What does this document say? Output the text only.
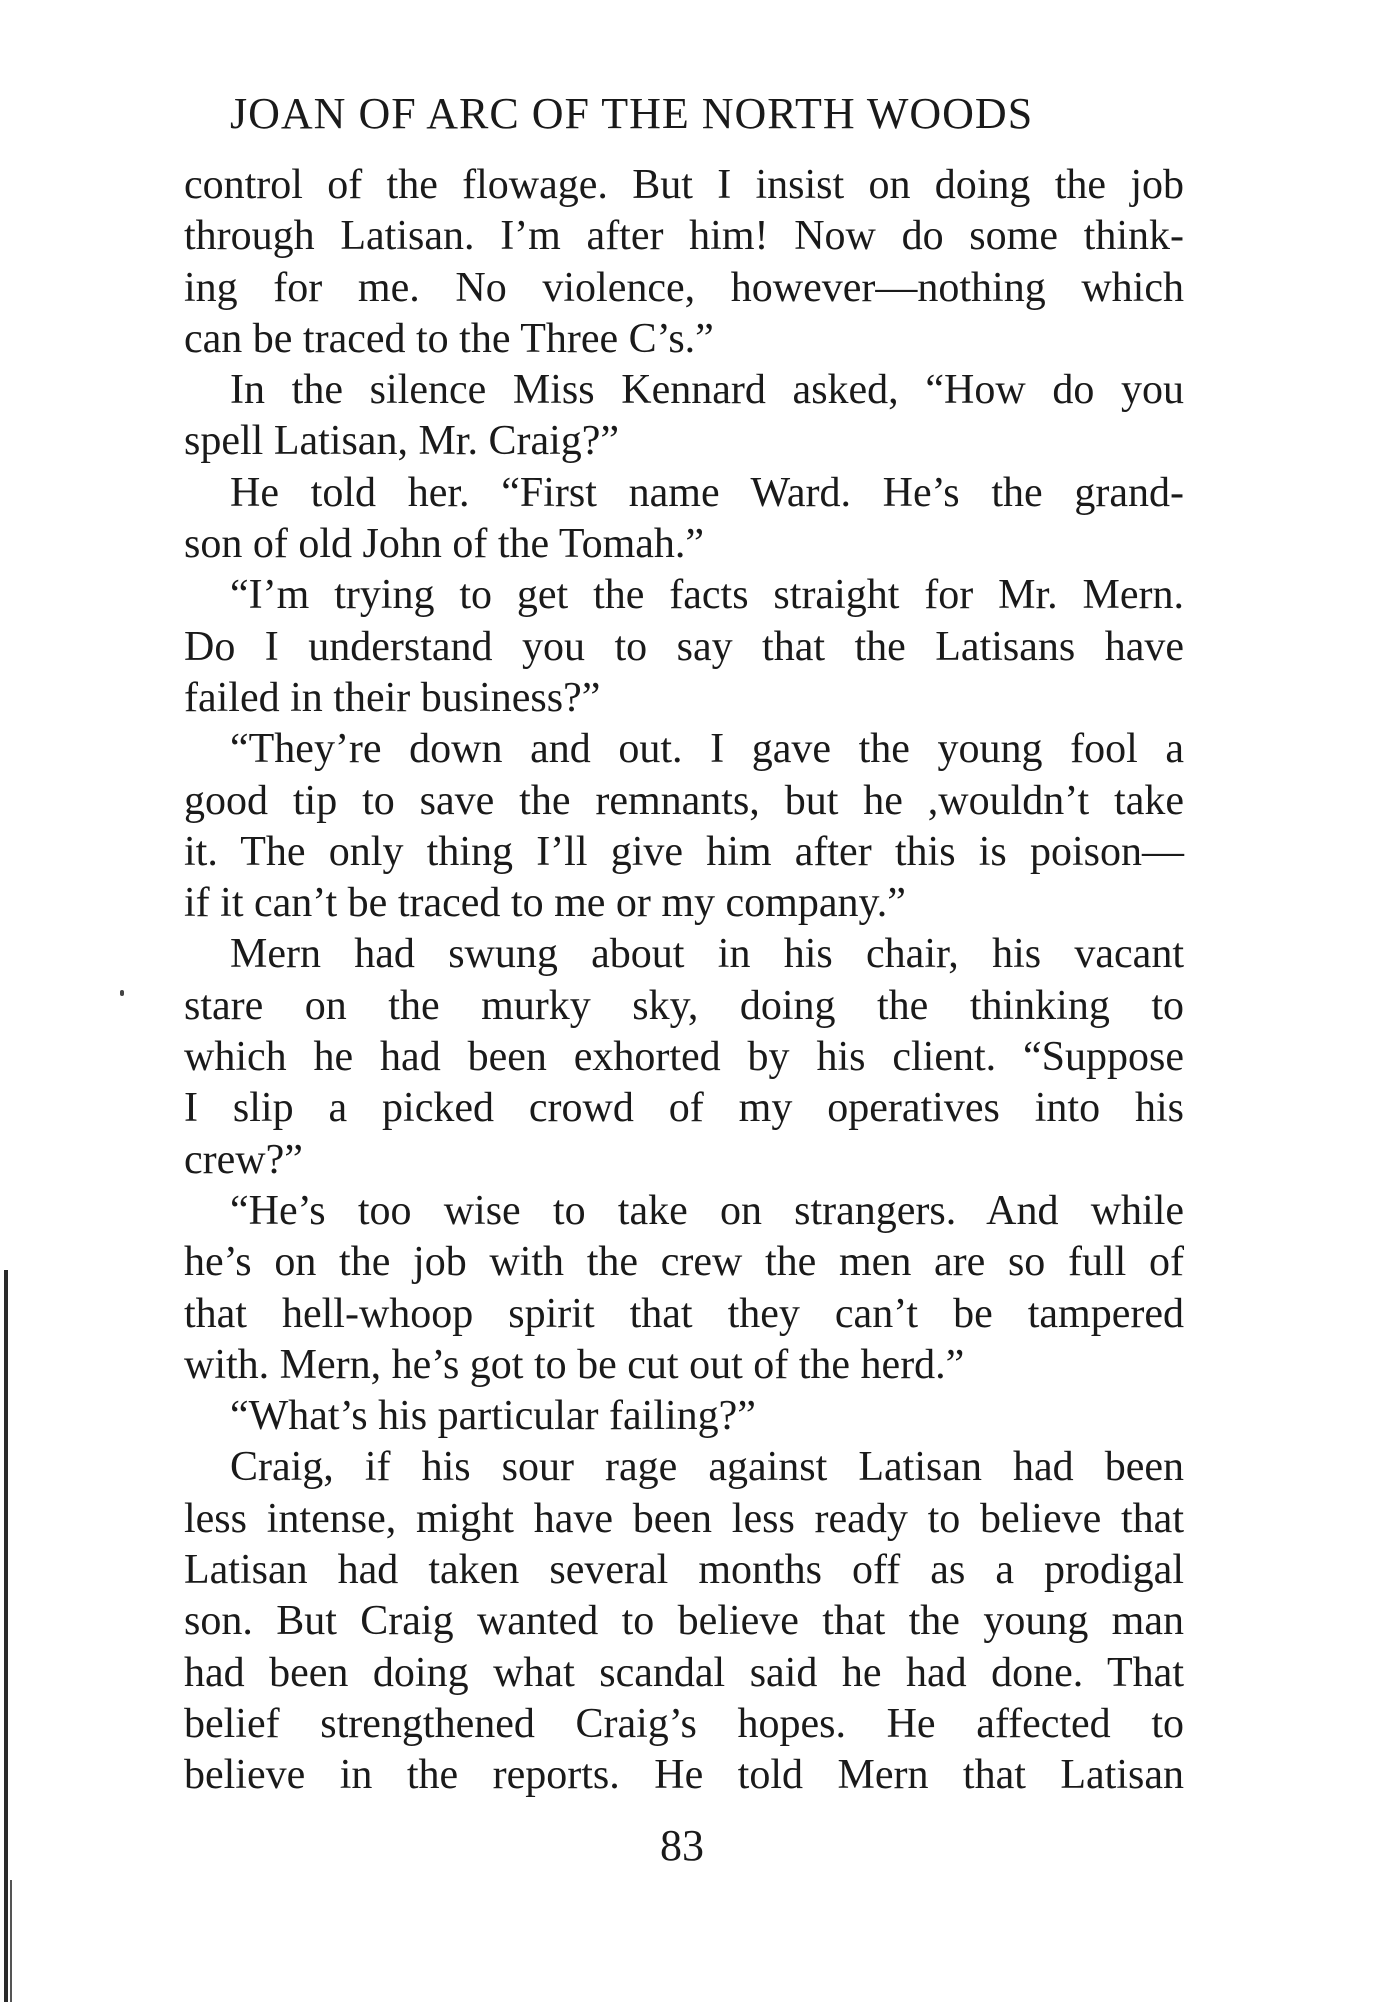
JOAN OF ARC OF THE NORTH WOODS
control of the flowage. But I insist on doing the job
through Latisan. I’m after him! Now do some think-
ing for me. No violence, however—nothing which
can be traced to the Three C’s.”
In the silence Miss Kennard asked, “How do you
spell Latisan, Mr. Craig?”
He told her. “First name Ward. He’s the grand-
son of old John of the Tomah.”
“I’m trying to get the facts straight for Mr. Mern.
Do I understand you to say that the Latisans have
failed in their business?”
“They’re down and out. I gave the young fool a
good tip to save the remnants, but he ,wouldn’t take
it. The only thing I’ll give him after this is poison—
if it can’t be traced to me or my company.”
Mern had swung about in his chair, his vacant
stare on the murky sky, doing the thinking to
which he had been exhorted by his client. “Suppose
I slip a picked crowd of my operatives into his
crew?”
“He’s too wise to take on strangers. And while
he’s on the job with the crew the men are so full of
that hell-whoop spirit that they can’t be tampered
with. Mern, he’s got to be cut out of the herd.”
“What’s his particular failing?”
Craig, if his sour rage against Latisan had been
less intense, might have been less ready to believe that
Latisan had taken several months off as a prodigal
son. But Craig wanted to believe that the young man
had been doing what scandal said he had done. That
belief strengthened Craig’s hopes. He affected to
believe in the reports. He told Mern that Latisan
83
